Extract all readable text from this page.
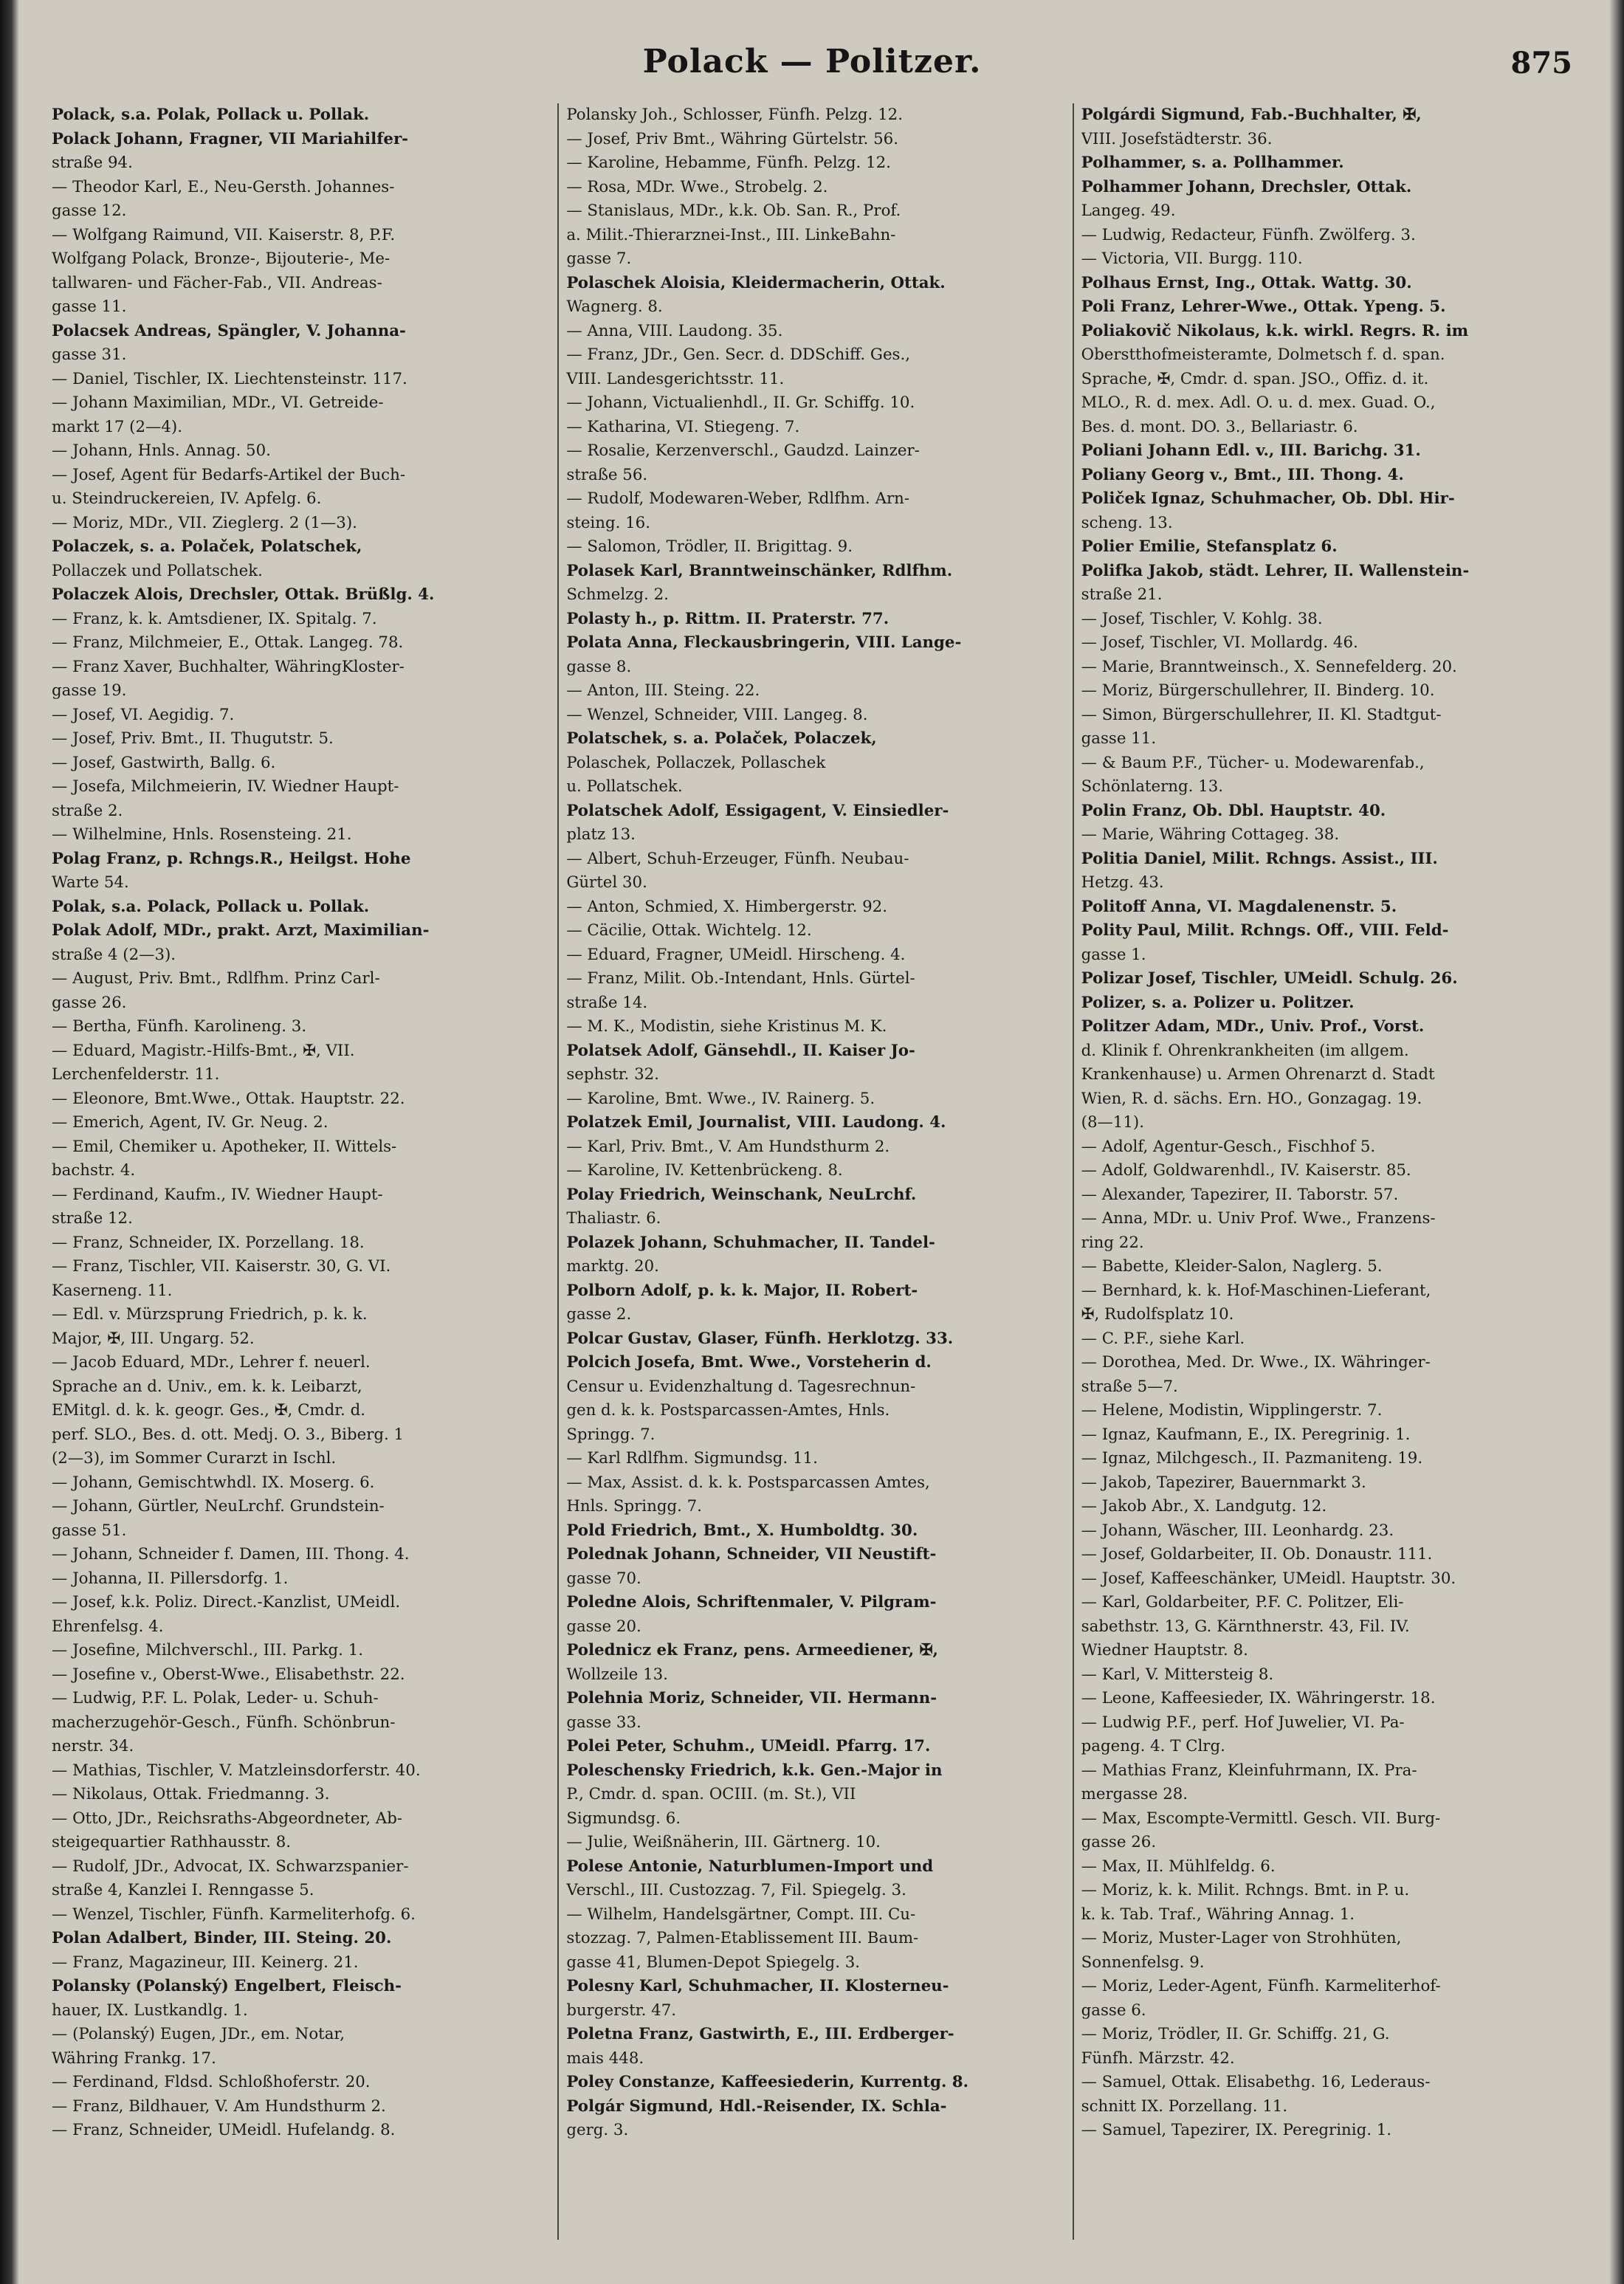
Polack — Politzer.	875
Polack, s.a. Polak, Pollack u. Pollak.
Polack Johann, Fragner, VII Mariahilfer-
straße 94.
— Theodor Karl, E., Neu-Gersth. Johannes-
gasse 12.
— Wolfgang Raimund, VII. Kaiserstr. 8, P.F.
Wolfgang Polack, Bronze-, Bijouterie-, Me-
tallwaren- und Fächer-Fab., VII. Andreas-
gasse 11.
Polacsek Andreas, Spängler, V. Johanna-
gasse 31.
— Daniel, Tischler, IX. Liechtensteinstr. 117.
— Johann Maximilian, MDr., VI. Getreide-
markt 17 (2—4).
— Johann, Hnls. Annag. 50.
— Josef, Agent für Bedarfs-Artikel der Buch-
u. Steindruckereien, IV. Apfelg. 6.
— Moriz, MDr., VII. Zieglerg. 2 (1—3).
Polaczek, s. a. Polaček, Polatschek,
Pollaczek und Pollatschek.
Polaczek Alois, Drechsler, Ottak. Brüßlg. 4.
— Franz, k. k. Amtsdiener, IX. Spitalg. 7.
— Franz, Milchmeier, E., Ottak. Langeg. 78.
— Franz Xaver, Buchhalter, WähringKloster-
gasse 19.
— Josef, VI. Aegidig. 7.
— Josef, Priv. Bmt., II. Thugutstr. 5.
— Josef, Gastwirth, Ballg. 6.
— Josefa, Milchmeierin, IV. Wiedner Haupt-
straße 2.
— Wilhelmine, Hnls. Rosensteing. 21.
Polag Franz, p. Rchngs.R., Heilgst. Hohe
Warte 54.
Polak, s.a. Polack, Pollack u. Pollak.
Polak Adolf, MDr., prakt. Arzt, Maximilian-
straße 4 (2—3).
— August, Priv. Bmt., Rdlfhm. Prinz Carl-
gasse 26.
— Bertha, Fünfh. Karolineng. 3.
— Eduard, Magistr.-Hilfs-Bmt., ✠, VII.
Lerchenfelderstr. 11.
— Eleonore, Bmt.Wwe., Ottak. Hauptstr. 22.
— Emerich, Agent, IV. Gr. Neug. 2.
— Emil, Chemiker u. Apotheker, II. Wittels-
bachstr. 4.
— Ferdinand, Kaufm., IV. Wiedner Haupt-
straße 12.
— Franz, Schneider, IX. Porzellang. 18.
— Franz, Tischler, VII. Kaiserstr. 30, G. VI.
Kaserneng. 11.
— Edl. v. Mürzsprung Friedrich, p. k. k.
Major, ✠, III. Ungarg. 52.
— Jacob Eduard, MDr., Lehrer f. neuerl.
Sprache an d. Univ., em. k. k. Leibarzt,
EMitgl. d. k. k. geogr. Ges., ✠, Cmdr. d.
perf. SLO., Bes. d. ott. Medj. O. 3., Biberg. 1
(2—3), im Sommer Curarzt in Ischl.
— Johann, Gemischtwhdl. IX. Moserg. 6.
— Johann, Gürtler, NeuLrchf. Grundstein-
gasse 51.
— Johann, Schneider f. Damen, III. Thong. 4.
— Johanna, II. Pillersdorfg. 1.
— Josef, k.k. Poliz. Direct.-Kanzlist, UMeidl.
Ehrenfelsg. 4.
— Josefine, Milchverschl., III. Parkg. 1.
— Josefine v., Oberst-Wwe., Elisabethstr. 22.
— Ludwig, P.F. L. Polak, Leder- u. Schuh-
macherzugehör-Gesch., Fünfh. Schönbrun-
nerstr. 34.
— Mathias, Tischler, V. Matzleinsdorferstr. 40.
— Nikolaus, Ottak. Friedmanng. 3.
— Otto, JDr., Reichsraths-Abgeordneter, Ab-
steigequartier Rathhausstr. 8.
— Rudolf, JDr., Advocat, IX. Schwarzspanier-
straße 4, Kanzlei I. Renngasse 5.
— Wenzel, Tischler, Fünfh. Karmeliterhofg. 6.
Polan Adalbert, Binder, III. Steing. 20.
— Franz, Magazineur, III. Keinerg. 21.
Polansky (Polanský) Engelbert, Fleisch-
hauer, IX. Lustkandlg. 1.
— (Polanský) Eugen, JDr., em. Notar,
Währing Frankg. 17.
— Ferdinand, Fldsd. Schloßhoferstr. 20.
— Franz, Bildhauer, V. Am Hundsthurm 2.
— Franz, Schneider, UMeidl. Hufelandg. 8.
Polansky Joh., Schlosser, Fünfh. Pelzg. 12.
— Josef, Priv Bmt., Währing Gürtelstr. 56.
— Karoline, Hebamme, Fünfh. Pelzg. 12.
— Rosa, MDr. Wwe., Strobelg. 2.
— Stanislaus, MDr., k.k. Ob. San. R., Prof.
a. Milit.-Thierarznei-Inst., III. LinkeBahn-
gasse 7.
Polaschek Aloisia, Kleidermacherin, Ottak.
Wagnerg. 8.
— Anna, VIII. Laudong. 35.
— Franz, JDr., Gen. Secr. d. DDSchiff. Ges.,
VIII. Landesgerichtsstr. 11.
— Johann, Victualienhdl., II. Gr. Schiffg. 10.
— Katharina, VI. Stiegeng. 7.
— Rosalie, Kerzenverschl., Gaudzd. Lainzer-
straße 56.
— Rudolf, Modewaren-Weber, Rdlfhm. Arn-
steing. 16.
— Salomon, Trödler, II. Brigittag. 9.
Polasek Karl, Branntweinschänker, Rdlfhm.
Schmelzg. 2.
Polasty h., p. Rittm. II. Praterstr. 77.
Polata Anna, Fleckausbringerin, VIII. Lange-
gasse 8.
— Anton, III. Steing. 22.
— Wenzel, Schneider, VIII. Langeg. 8.
Polatschek, s. a. Polaček, Polaczek,
Polaschek, Pollaczek, Pollaschek
u. Pollatschek.
Polatschek Adolf, Essigagent, V. Einsiedler-
platz 13.
— Albert, Schuh-Erzeuger, Fünfh. Neubau-
Gürtel 30.
— Anton, Schmied, X. Himbergerstr. 92.
— Cäcilie, Ottak. Wichtelg. 12.
— Eduard, Fragner, UMeidl. Hirscheng. 4.
— Franz, Milit. Ob.-Intendant, Hnls. Gürtel-
straße 14.
— M. K., Modistin, siehe Kristinus M. K.
Polatsek Adolf, Gänsehdl., II. Kaiser Jo-
sephstr. 32.
— Karoline, Bmt. Wwe., IV. Rainerg. 5.
Polatzek Emil, Journalist, VIII. Laudong. 4.
— Karl, Priv. Bmt., V. Am Hundsthurm 2.
— Karoline, IV. Kettenbrückeng. 8.
Polay Friedrich, Weinschank, NeuLrchf.
Thaliastr. 6.
Polazek Johann, Schuhmacher, II. Tandel-
marktg. 20.
Polborn Adolf, p. k. k. Major, II. Robert-
gasse 2.
Polcar Gustav, Glaser, Fünfh. Herklotzg. 33.
Polcich Josefa, Bmt. Wwe., Vorsteherin d.
Censur u. Evidenzhaltung d. Tagesrechnun-
gen d. k. k. Postsparcassen-Amtes, Hnls.
Springg. 7.
— Karl Rdlfhm. Sigmundsg. 11.
— Max, Assist. d. k. k. Postsparcassen Amtes,
Hnls. Springg. 7.
Pold Friedrich, Bmt., X. Humboldtg. 30.
Polednak Johann, Schneider, VII Neustift-
gasse 70.
Poledne Alois, Schriftenmaler, V. Pilgram-
gasse 20.
Polednicz ek Franz, pens. Armeediener, ✠,
Wollzeile 13.
Polehnia Moriz, Schneider, VII. Hermann-
gasse 33.
Polei Peter, Schuhm., UMeidl. Pfarrg. 17.
Poleschensky Friedrich, k.k. Gen.-Major in
P., Cmdr. d. span. OCIII. (m. St.), VII
Sigmundsg. 6.
— Julie, Weißnäherin, III. Gärtnerg. 10.
Polese Antonie, Naturblumen-Import und
Verschl., III. Custozzag. 7, Fil. Spiegelg. 3.
— Wilhelm, Handelsgärtner, Compt. III. Cu-
stozzag. 7, Palmen-Etablissement III. Baum-
gasse 41, Blumen-Depot Spiegelg. 3.
Polesny Karl, Schuhmacher, II. Klosterneu-
burgerstr. 47.
Poletna Franz, Gastwirth, E., III. Erdberger-
mais 448.
Poley Constanze, Kaffeesiederin, Kurrentg. 8.
Polgár Sigmund, Hdl.-Reisender, IX. Schla-
gerg. 3.
Polgárdi Sigmund, Fab.-Buchhalter, ✠,
VIII. Josefstädterstr. 36.
Polhammer, s. a. Pollhammer.
Polhammer Johann, Drechsler, Ottak.
Langeg. 49.
— Ludwig, Redacteur, Fünfh. Zwölferg. 3.
— Victoria, VII. Burgg. 110.
Polhaus Ernst, Ing., Ottak. Wattg. 30.
Poli Franz, Lehrer-Wwe., Ottak. Ypeng. 5.
Poliakovič Nikolaus, k.k. wirkl. Regrs. R. im
Oberstthofmeisteramte, Dolmetsch f. d. span.
Sprache, ✠, Cmdr. d. span. JSO., Offiz. d. it.
MLO., R. d. mex. Adl. O. u. d. mex. Guad. O.,
Bes. d. mont. DO. 3., Bellariastr. 6.
Poliani Johann Edl. v., III. Barichg. 31.
Poliany Georg v., Bmt., III. Thong. 4.
Poliček Ignaz, Schuhmacher, Ob. Dbl. Hir-
scheng. 13.
Polier Emilie, Stefansplatz 6.
Polifka Jakob, städt. Lehrer, II. Wallenstein-
straße 21.
— Josef, Tischler, V. Kohlg. 38.
— Josef, Tischler, VI. Mollardg. 46.
— Marie, Branntweinsch., X. Sennefelderg. 20.
— Moriz, Bürgerschullehrer, II. Binderg. 10.
— Simon, Bürgerschullehrer, II. Kl. Stadtgut-
gasse 11.
— & Baum P.F., Tücher- u. Modewarenfab.,
Schönlaterng. 13.
Polin Franz, Ob. Dbl. Hauptstr. 40.
— Marie, Währing Cottageg. 38.
Politia Daniel, Milit. Rchngs. Assist., III.
Hetzg. 43.
Politoff Anna, VI. Magdalenenstr. 5.
Polity Paul, Milit. Rchngs. Off., VIII. Feld-
gasse 1.
Polizar Josef, Tischler, UMeidl. Schulg. 26.
Polizer, s. a. Polizer u. Politzer.
Politzer Adam, MDr., Univ. Prof., Vorst.
d. Klinik f. Ohrenkrankheiten (im allgem.
Krankenhause) u. Armen Ohrenarzt d. Stadt
Wien, R. d. sächs. Ern. HO., Gonzagag. 19.
(8—11).
— Adolf, Agentur-Gesch., Fischhof 5.
— Adolf, Goldwarenhdl., IV. Kaiserstr. 85.
— Alexander, Tapezirer, II. Taborstr. 57.
— Anna, MDr. u. Univ Prof. Wwe., Franzens-
ring 22.
— Babette, Kleider-Salon, Naglerg. 5.
— Bernhard, k. k. Hof-Maschinen-Lieferant,
✠, Rudolfsplatz 10.
— C. P.F., siehe Karl.
— Dorothea, Med. Dr. Wwe., IX. Währinger-
straße 5—7.
— Helene, Modistin, Wipplingerstr. 7.
— Ignaz, Kaufmann, E., IX. Peregrinig. 1.
— Ignaz, Milchgesch., II. Pazmaniteng. 19.
— Jakob, Tapezirer, Bauernmarkt 3.
— Jakob Abr., X. Landgutg. 12.
— Johann, Wäscher, III. Leonhardg. 23.
— Josef, Goldarbeiter, II. Ob. Donaustr. 111.
— Josef, Kaffeeschänker, UMeidl. Hauptstr. 30.
— Karl, Goldarbeiter, P.F. C. Politzer, Eli-
sabethstr. 13, G. Kärnthnerstr. 43, Fil. IV.
Wiedner Hauptstr. 8.
— Karl, V. Mittersteig 8.
— Leone, Kaffeesieder, IX. Währingerstr. 18.
— Ludwig P.F., perf. Hof Juwelier, VI. Pa-
pageng. 4. T Clrg.
— Mathias Franz, Kleinfuhrmann, IX. Pra-
mergasse 28.
— Max, Escompte-Vermittl. Gesch. VII. Burg-
gasse 26.
— Max, II. Mühlfeldg. 6.
— Moriz, k. k. Milit. Rchngs. Bmt. in P. u.
k. k. Tab. Traf., Währing Annag. 1.
— Moriz, Muster-Lager von Strohhüten,
Sonnenfelsg. 9.
— Moriz, Leder-Agent, Fünfh. Karmeliterhof-
gasse 6.
— Moriz, Trödler, II. Gr. Schiffg. 21, G.
Fünfh. Märzstr. 42.
— Samuel, Ottak. Elisabethg. 16, Lederaus-
schnitt IX. Porzellang. 11.
— Samuel, Tapezirer, IX. Peregrinig. 1.
